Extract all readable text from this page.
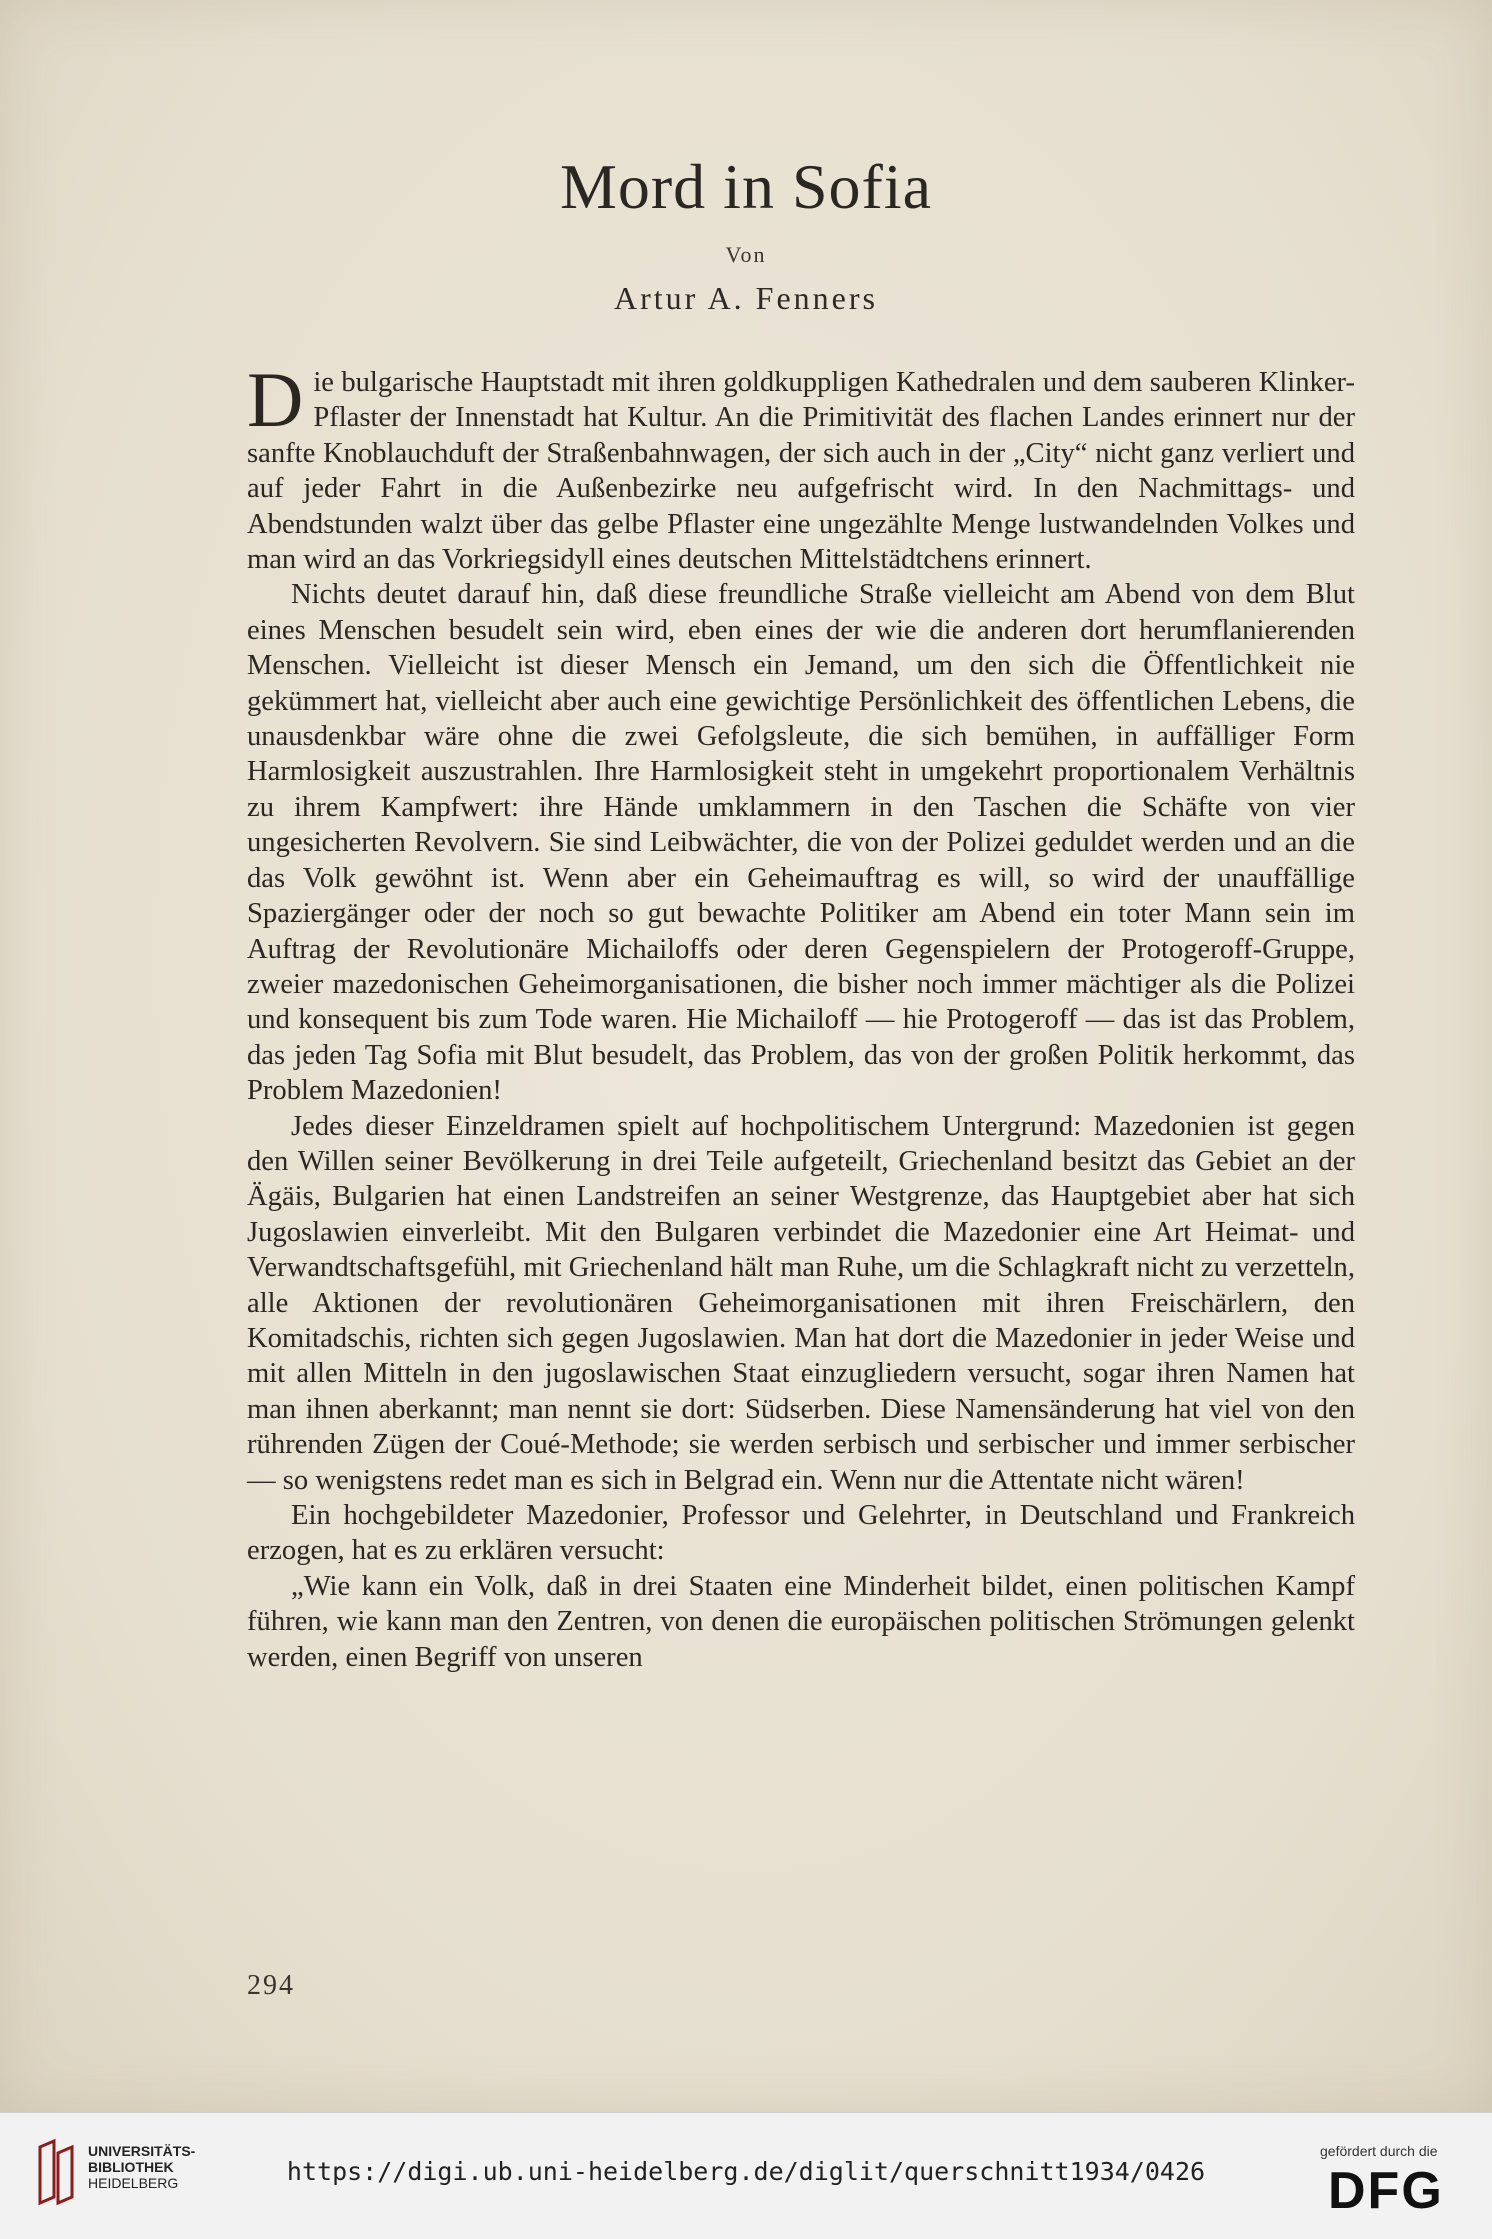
Mord in Sofia
Von
Artur A. Fenners

Die bulgarische Hauptstadt mit ihren goldkuppligen Kathedralen und dem sauberen Klinker-Pflaster der Innenstadt hat Kultur. An die Primitivität des flachen Landes erinnert nur der sanfte Knoblauchduft der Straßenbahnwagen, der sich auch in der „City“ nicht ganz verliert und auf jeder Fahrt in die Außenbezirke neu aufgefrischt wird. In den Nachmittags- und Abendstunden walzt über das gelbe Pflaster eine ungezählte Menge lustwandelnden Volkes und man wird an das Vorkriegsidyll eines deutschen Mittelstädtchens erinnert.

Nichts deutet darauf hin, daß diese freundliche Straße vielleicht am Abend von dem Blut eines Menschen besudelt sein wird, eben eines der wie die anderen dort herumflanierenden Menschen. Vielleicht ist dieser Mensch ein Jemand, um den sich die Öffentlichkeit nie gekümmert hat, vielleicht aber auch eine gewichtige Persönlichkeit des öffentlichen Lebens, die unausdenkbar wäre ohne die zwei Gefolgsleute, die sich bemühen, in auffälliger Form Harmlosigkeit auszustrahlen. Ihre Harmlosigkeit steht in umgekehrt proportionalem Verhältnis zu ihrem Kampfwert: ihre Hände umklammern in den Taschen die Schäfte von vier ungesicherten Revolvern. Sie sind Leibwächter, die von der Polizei geduldet werden und an die das Volk gewöhnt ist. Wenn aber ein Geheimauftrag es will, so wird der unauffällige Spaziergänger oder der noch so gut bewachte Politiker am Abend ein toter Mann sein im Auftrag der Revolutionäre Michailoffs oder deren Gegenspielern der Protogeroff-Gruppe, zweier mazedonischen Geheimorganisationen, die bisher noch immer mächtiger als die Polizei und konsequent bis zum Tode waren. Hie Michailoff — hie Protogeroff — das ist das Problem, das jeden Tag Sofia mit Blut besudelt, das Problem, das von der großen Politik herkommt, das Problem Mazedonien!

Jedes dieser Einzeldramen spielt auf hochpolitischem Untergrund: Mazedonien ist gegen den Willen seiner Bevölkerung in drei Teile aufgeteilt, Griechenland besitzt das Gebiet an der Ägäis, Bulgarien hat einen Landstreifen an seiner Westgrenze, das Hauptgebiet aber hat sich Jugoslawien einverleibt. Mit den Bulgaren verbindet die Mazedonier eine Art Heimat- und Verwandtschaftsgefühl, mit Griechenland hält man Ruhe, um die Schlagkraft nicht zu verzetteln, alle Aktionen der revolutionären Geheimorganisationen mit ihren Freischärlern, den Komitadschis, richten sich gegen Jugoslawien. Man hat dort die Mazedonier in jeder Weise und mit allen Mitteln in den jugoslawischen Staat einzugliedern versucht, sogar ihren Namen hat man ihnen aberkannt; man nennt sie dort: Südserben. Diese Namensänderung hat viel von den rührenden Zügen der Coué-Methode; sie werden serbisch und serbischer und immer serbischer — so wenigstens redet man es sich in Belgrad ein. Wenn nur die Attentate nicht wären!

Ein hochgebildeter Mazedonier, Professor und Gelehrter, in Deutschland und Frankreich erzogen, hat es zu erklären versucht:

„Wie kann ein Volk, daß in drei Staaten eine Minderheit bildet, einen politischen Kampf führen, wie kann man den Zentren, von denen die europäischen politischen Strömungen gelenkt werden, einen Begriff von unseren

294
UNIVERSITÄTS-
BIBLIOTHEK
HEIDELBERG	https://digi.ub.uni-heidelberg.de/diglit/querschnitt1934/0426
gefördert durch die
DFG
